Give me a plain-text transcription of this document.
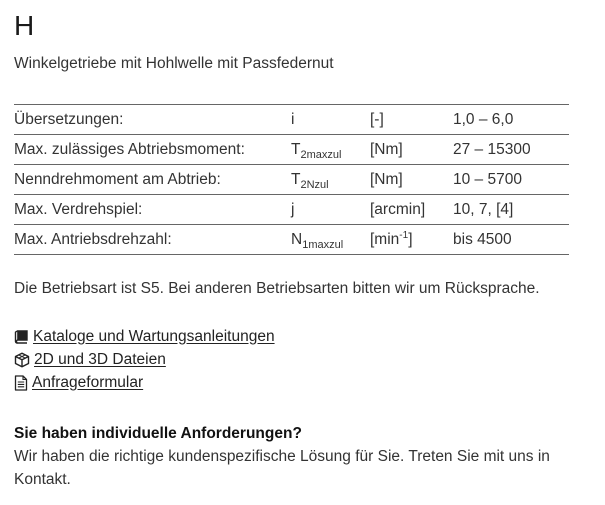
H
Winkelgetriebe mit Hohlwelle mit Passfedernut
Übersetzungen:	i	[-]	1,0 – 6,0
Max. zulässiges Abtriebsmoment:	$T_{2maxzul}$	[Nm]	27 – 15300
Nenndrehmoment am Abtrieb:	$T_{2Nzul}$	[Nm]	10 – 5700
Max. Verdrehspiel:	j	[arcmin]	10, 7, [4]
Max. Antriebsdrehzahl:	$N_{1maxzul}$	$[\min^{-1}]$	bis 4500
Die Betriebsart ist S5. Bei anderen Betriebsarten bitten wir um Rücksprache.
Kataloge und Wartungsanleitungen
2D und 3D Dateien
Anfrageformular
Sie haben individuelle Anforderungen?
Wir haben die richtige kundenspezifische Lösung für Sie. Treten Sie mit uns in Kontakt.
